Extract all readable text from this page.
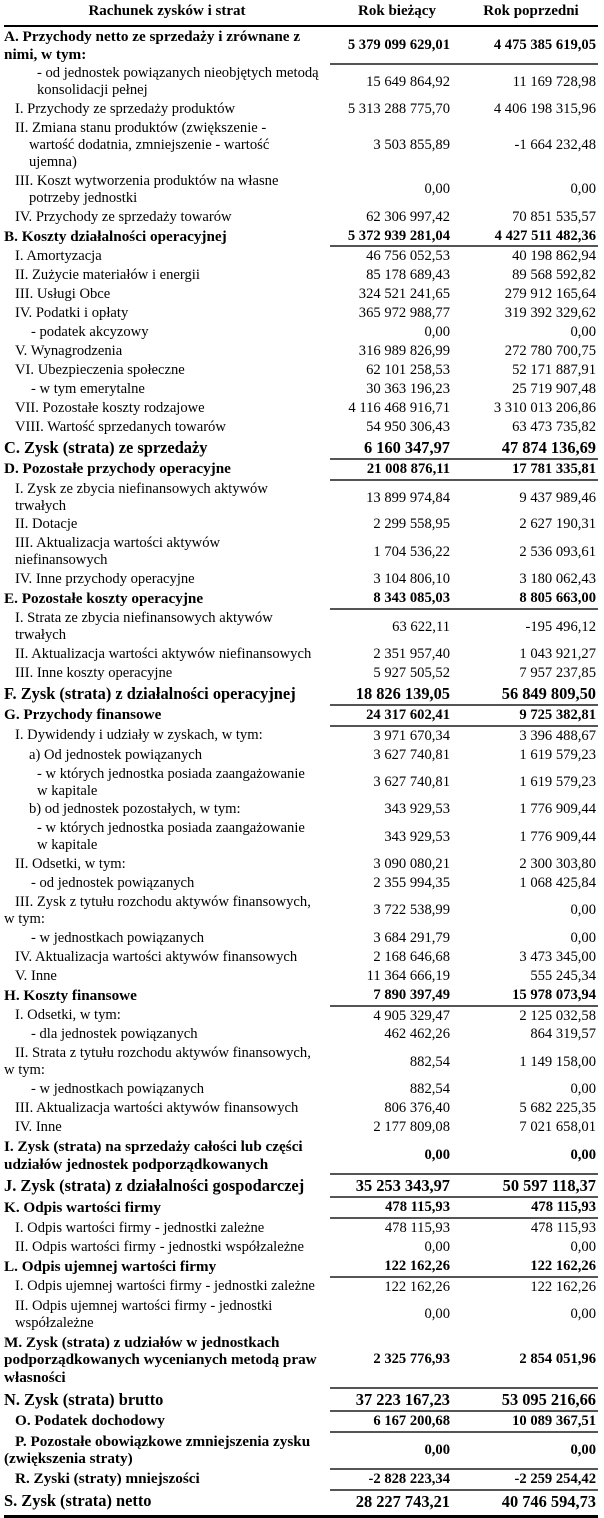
Rachunek zysków i strat	Rok bieżący	Rok poprzedni
A. Przychody netto ze sprzedaży i zrównane z
nimi, w tym:	5 379 099 629,01	4 475 385 619,05
- od jednostek powiązanych nieobjętych metodą
konsolidacji pełnej	15 649 864,92	11 169 728,98
I. Przychody ze sprzedaży produktów	5 313 288 775,70	4 406 198 315,96
II. Zmiana stanu produktów (zwiększenie -
wartość dodatnia, zmniejszenie - wartość
ujemna)	3 503 855,89	-1 664 232,48
III. Koszt wytworzenia produktów na własne
potrzeby jednostki	0,00	0,00
IV. Przychody ze sprzedaży towarów	62 306 997,42	70 851 535,57
B. Koszty działalności operacyjnej	5 372 939 281,04	4 427 511 482,36
I. Amortyzacja	46 756 052,53	40 198 862,94
II. Zużycie materiałów i energii	85 178 689,43	89 568 592,82
III. Usługi Obce	324 521 241,65	279 912 165,64
IV. Podatki i opłaty	365 972 988,77	319 392 329,62
- podatek akcyzowy	0,00	0,00
V. Wynagrodzenia	316 989 826,99	272 780 700,75
VI. Ubezpieczenia społeczne	62 101 258,53	52 171 887,91
- w tym emerytalne	30 363 196,23	25 719 907,48
VII. Pozostałe koszty rodzajowe	4 116 468 916,71	3 310 013 206,86
VIII. Wartość sprzedanych towarów	54 950 306,43	63 473 735,82
C. Zysk (strata) ze sprzedaży	6 160 347,97	47 874 136,69
D. Pozostałe przychody operacyjne	21 008 876,11	17 781 335,81
I. Zysk ze zbycia niefinansowych aktywów
trwałych	13 899 974,84	9 437 989,46
II. Dotacje	2 299 558,95	2 627 190,31
III. Aktualizacja wartości aktywów
niefinansowych	1 704 536,22	2 536 093,61
IV. Inne przychody operacyjne	3 104 806,10	3 180 062,43
E. Pozostałe koszty operacyjne	8 343 085,03	8 805 663,00
I. Strata ze zbycia niefinansowych aktywów
trwałych	63 622,11	-195 496,12
II. Aktualizacja wartości aktywów niefinansowych	2 351 957,40	1 043 921,27
III. Inne koszty operacyjne	5 927 505,52	7 957 237,85
F. Zysk (strata) z działalności operacyjnej	18 826 139,05	56 849 809,50
G. Przychody finansowe	24 317 602,41	9 725 382,81
I. Dywidendy i udziały w zyskach, w tym:	3 971 670,34	3 396 488,67
a) Od jednostek powiązanych	3 627 740,81	1 619 579,23
- w których jednostka posiada zaangażowanie
w kapitale	3 627 740,81	1 619 579,23
b) od jednostek pozostałych, w tym:	343 929,53	1 776 909,44
- w których jednostka posiada zaangażowanie
w kapitale	343 929,53	1 776 909,44
II. Odsetki, w tym:	3 090 080,21	2 300 303,80
- od jednostek powiązanych	2 355 994,35	1 068 425,84
III. Zysk z tytułu rozchodu aktywów finansowych,
w tym:	3 722 538,99	0,00
- w jednostkach powiązanych	3 684 291,79	0,00
IV. Aktualizacja wartości aktywów finansowych	2 168 646,68	3 473 345,00
V. Inne	11 364 666,19	555 245,34
H. Koszty finansowe	7 890 397,49	15 978 073,94
I. Odsetki, w tym:	4 905 329,47	2 125 032,58
- dla jednostek powiązanych	462 462,26	864 319,57
II. Strata z tytułu rozchodu aktywów finansowych,
w tym:	882,54	1 149 158,00
- w jednostkach powiązanych	882,54	0,00
III. Aktualizacja wartości aktywów finansowych	806 376,40	5 682 225,35
IV. Inne	2 177 809,08	7 021 658,01
I. Zysk (strata) na sprzedaży całości lub części
udziałów jednostek podporządkowanych	0,00	0,00
J. Zysk (strata) z działalności gospodarczej	35 253 343,97	50 597 118,37
K. Odpis wartości firmy	478 115,93	478 115,93
I. Odpis wartości firmy - jednostki zależne	478 115,93	478 115,93
II. Odpis wartości firmy - jednostki współzależne	0,00	0,00
L. Odpis ujemnej wartości firmy	122 162,26	122 162,26
I. Odpis ujemnej wartości firmy - jednostki zależne	122 162,26	122 162,26
II. Odpis ujemnej wartości firmy - jednostki
współzależne	0,00	0,00
M. Zysk (strata) z udziałów w jednostkach
podporządkowanych wycenianych metodą praw
własności	2 325 776,93	2 854 051,96
N. Zysk (strata) brutto	37 223 167,23	53 095 216,66
O. Podatek dochodowy	6 167 200,68	10 089 367,51
P. Pozostałe obowiązkowe zmniejszenia zysku
(zwiększenia straty)	0,00	0,00
R. Zyski (straty) mniejszości	-2 828 223,34	-2 259 254,42
S. Zysk (strata) netto	28 227 743,21	40 746 594,73
